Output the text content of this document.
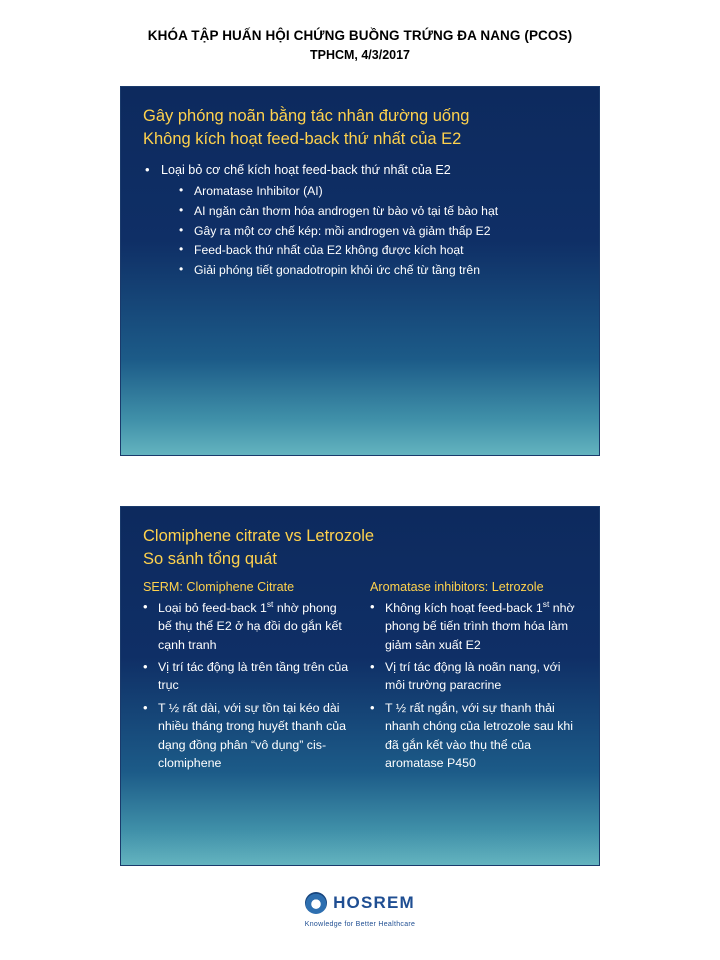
KHÓA TẬP HUẤN HỘI CHỨNG BUỒNG TRỨNG ĐA NANG (PCOS)
TPHCM, 4/3/2017
Gây phóng noãn bằng tác nhân đường uống
Không kích hoạt feed-back thứ nhất của E2
• Loại bỏ cơ chế kích hoạt feed-back thứ nhất của E2
• Aromatase Inhibitor (AI)
• AI ngăn cản thơm hóa androgen từ bào vỏ tại tế bào hạt
• Gây ra một cơ chế kép: mồi androgen và giảm thấp E2
• Feed-back thứ nhất của E2 không được kích hoạt
• Giải phóng tiết gonadotropin khỏi ức chế từ tầng trên
Clomiphene citrate vs Letrozole
So sánh tổng quát
SERM: Clomiphene Citrate
• Loại bỏ feed-back 1st nhờ phong bế thụ thể E2 ở hạ đồi do gắn kết cạnh tranh
• Vị trí tác động là trên tầng trên của trục
• T ½ rất dài, với sự tồn tại kéo dài nhiều tháng trong huyết thanh của dạng đồng phân “vô dụng” cis-clomiphene
Aromatase inhibitors: Letrozole
• Không kích hoạt feed-back 1st nhờ phong bế tiến trình thơm hóa làm giảm sản xuất E2
• Vị trí tác động là noãn nang, với môi trường paracrine
• T ½ rất ngắn, với sự thanh thải nhanh chóng của letrozole sau khi đã gắn kết vào thụ thể của aromatase P450
HOSREM
Knowledge for Better Healthcare
